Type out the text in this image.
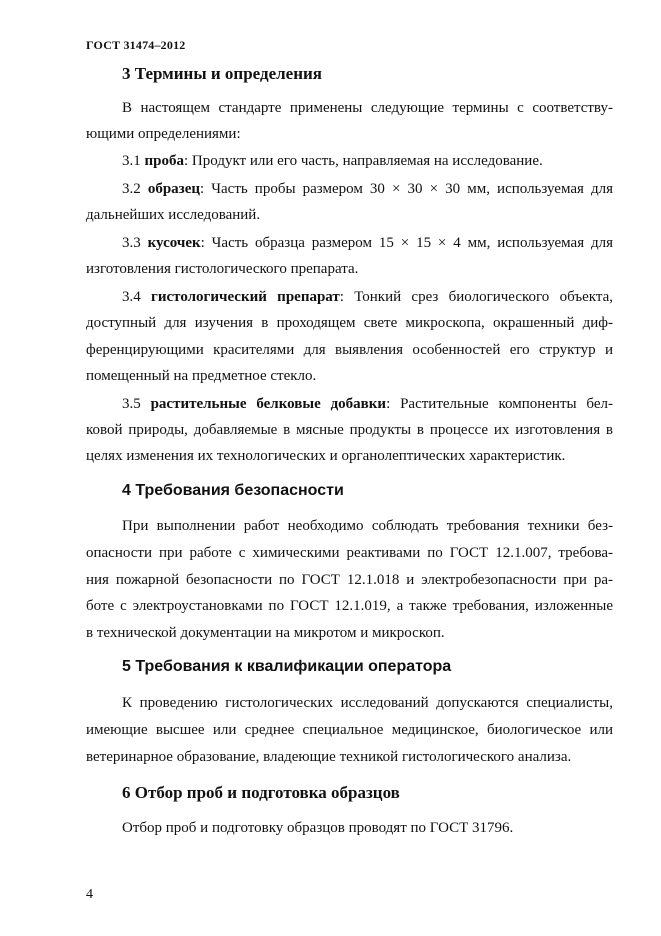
ГОСТ 31474–2012
3 Термины и определения
В настоящем стандарте применены следующие термины с соответству-
ющими определениями:
3.1 проба: Продукт или его часть, направляемая на исследование.
3.2 образец: Часть пробы размером 30 × 30 × 30 мм, используемая для
дальнейших исследований.
3.3 кусочек: Часть образца размером 15 × 15 × 4 мм, используемая для
изготовления гистологического препарата.
3.4 гистологический препарат: Тонкий срез биологического объекта,
доступный для изучения в проходящем свете микроскопа, окрашенный диф-
ференцирующими красителями для выявления особенностей его структур и
помещенный на предметное стекло.
3.5 растительные белковые добавки: Растительные компоненты бел-
ковой природы, добавляемые в мясные продукты в процессе их изготовления в
целях изменения их технологических и органолептических характеристик.
4 Требования безопасности
При выполнении работ необходимо соблюдать требования техники без-
опасности при работе с химическими реактивами по ГОСТ 12.1.007, требова-
ния пожарной безопасности по ГОСТ 12.1.018 и электробезопасности при ра-
боте с электроустановками по ГОСТ 12.1.019, а также требования, изложенные
в технической документации на микротом и микроскоп.
5 Требования к квалификации оператора
К проведению гистологических исследований допускаются специалисты,
имеющие высшее или среднее специальное медицинское, биологическое или
ветеринарное образование, владеющие техникой гистологического анализа.
6 Отбор проб и подготовка образцов
Отбор проб и подготовку образцов проводят по ГОСТ 31796.
4
